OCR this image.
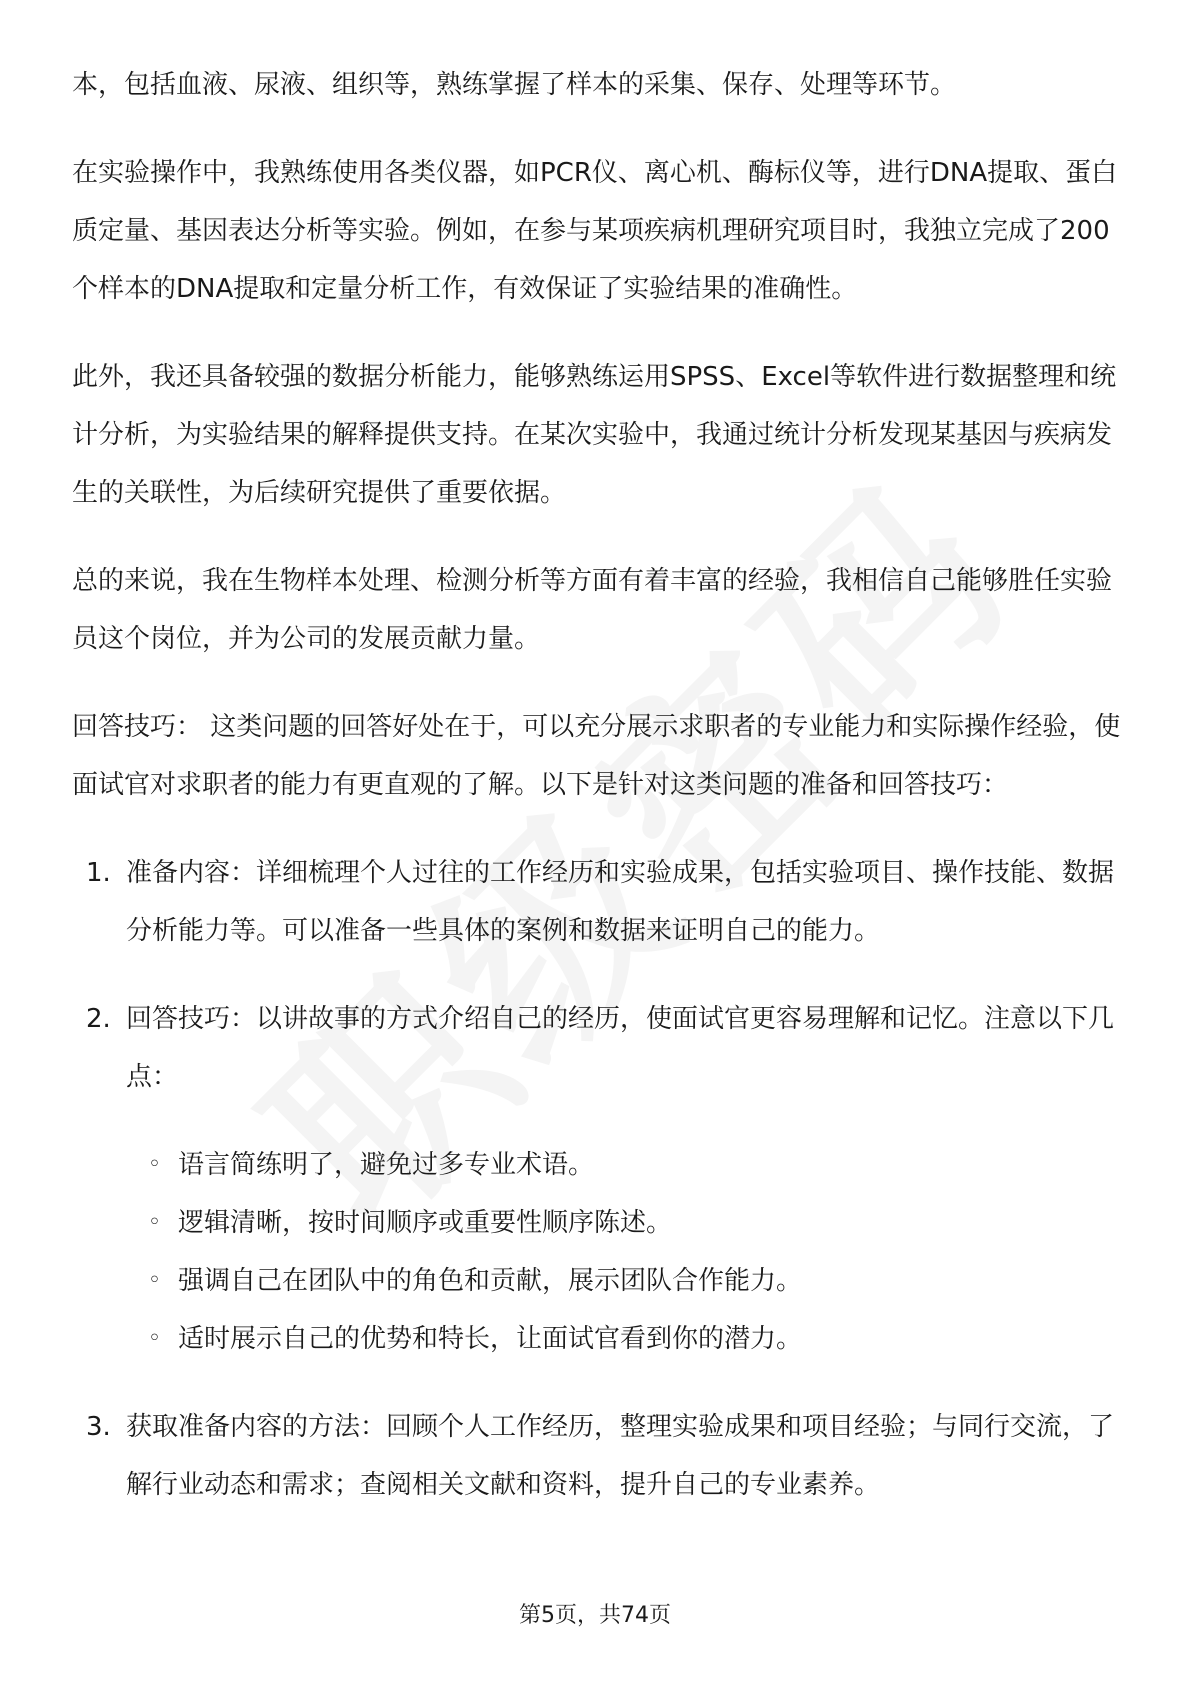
本，包括血液、尿液、组织等，熟练掌握了样本的采集、保存、处理等环节。

在实验操作中，我熟练使用各类仪器，如PCR仪、离心机、酶标仪等，进行DNA提取、蛋白质定量、基因表达分析等实验。例如，在参与某项疾病机理研究项目时，我独立完成了200个样本的DNA提取和定量分析工作，有效保证了实验结果的准确性。

此外，我还具备较强的数据分析能力，能够熟练运用SPSS、Excel等软件进行数据整理和统计分析，为实验结果的解释提供支持。在某次实验中，我通过统计分析发现某基因与疾病发生的关联性，为后续研究提供了重要依据。

总的来说，我在生物样本处理、检测分析等方面有着丰富的经验，我相信自己能够胜任实验员这个岗位，并为公司的发展贡献力量。

回答技巧： 这类问题的回答好处在于，可以充分展示求职者的专业能力和实际操作经验，使面试官对求职者的能力有更直观的了解。以下是针对这类问题的准备和回答技巧：

1. 准备内容：详细梳理个人过往的工作经历和实验成果，包括实验项目、操作技能、数据分析能力等。可以准备一些具体的案例和数据来证明自己的能力。
2. 回答技巧：以讲故事的方式介绍自己的经历，使面试官更容易理解和记忆。注意以下几点：
◦ 语言简练明了，避免过多专业术语。
◦ 逻辑清晰，按时间顺序或重要性顺序陈述。
◦ 强调自己在团队中的角色和贡献，展示团队合作能力。
◦ 适时展示自己的优势和特长，让面试官看到你的潜力。
3. 获取准备内容的方法：回顾个人工作经历，整理实验成果和项目经验；与同行交流，了解行业动态和需求；查阅相关文献和资料，提升自己的专业素养。
第5页，共74页
